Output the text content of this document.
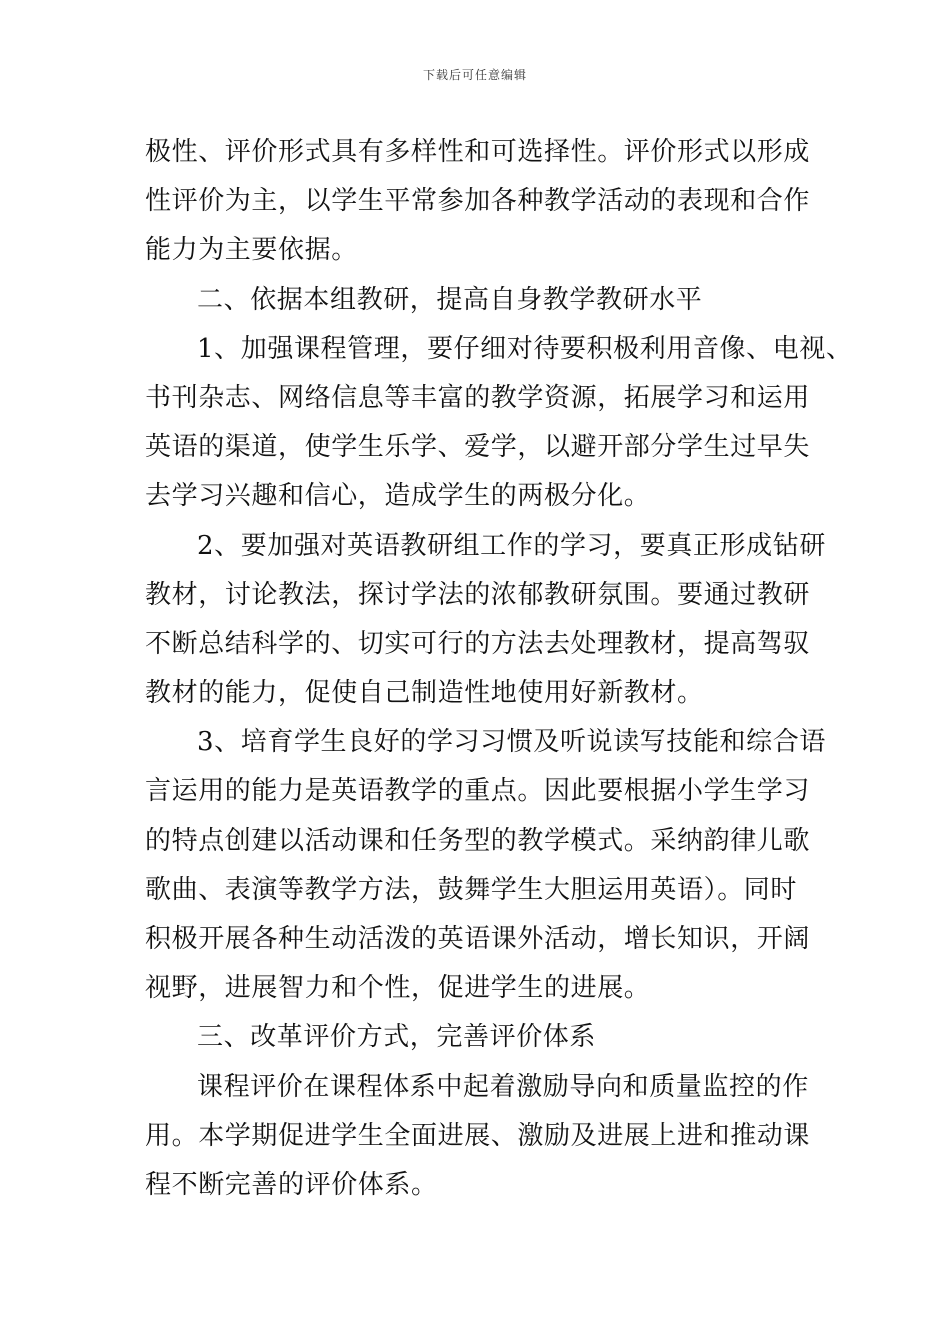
下载后可任意编辑
极性、评价形式具有多样性和可选择性。评价形式以形成
性评价为主，以学生平常参加各种教学活动的表现和合作
能力为主要依据。
二、依据本组教研，提高自身教学教研水平
1、加强课程管理，要仔细对待要积极利用音像、电视、
书刊杂志、网络信息等丰富的教学资源，拓展学习和运用
英语的渠道，使学生乐学、爱学，以避开部分学生过早失
去学习兴趣和信心，造成学生的两极分化。
2、要加强对英语教研组工作的学习，要真正形成钻研
教材，讨论教法，探讨学法的浓郁教研氛围。要通过教研
不断总结科学的、切实可行的方法去处理教材，提高驾驭
教材的能力，促使自己制造性地使用好新教材。
3、培育学生良好的学习习惯及听说读写技能和综合语
言运用的能力是英语教学的重点。因此要根据小学生学习
的特点创建以活动课和任务型的教学模式。采纳韵律儿歌
歌曲、表演等教学方法，鼓舞学生大胆运用英语）。同时
积极开展各种生动活泼的英语课外活动，增长知识，开阔
视野，进展智力和个性，促进学生的进展。
三、改革评价方式，完善评价体系
课程评价在课程体系中起着激励导向和质量监控的作
用。本学期促进学生全面进展、激励及进展上进和推动课
程不断完善的评价体系。
